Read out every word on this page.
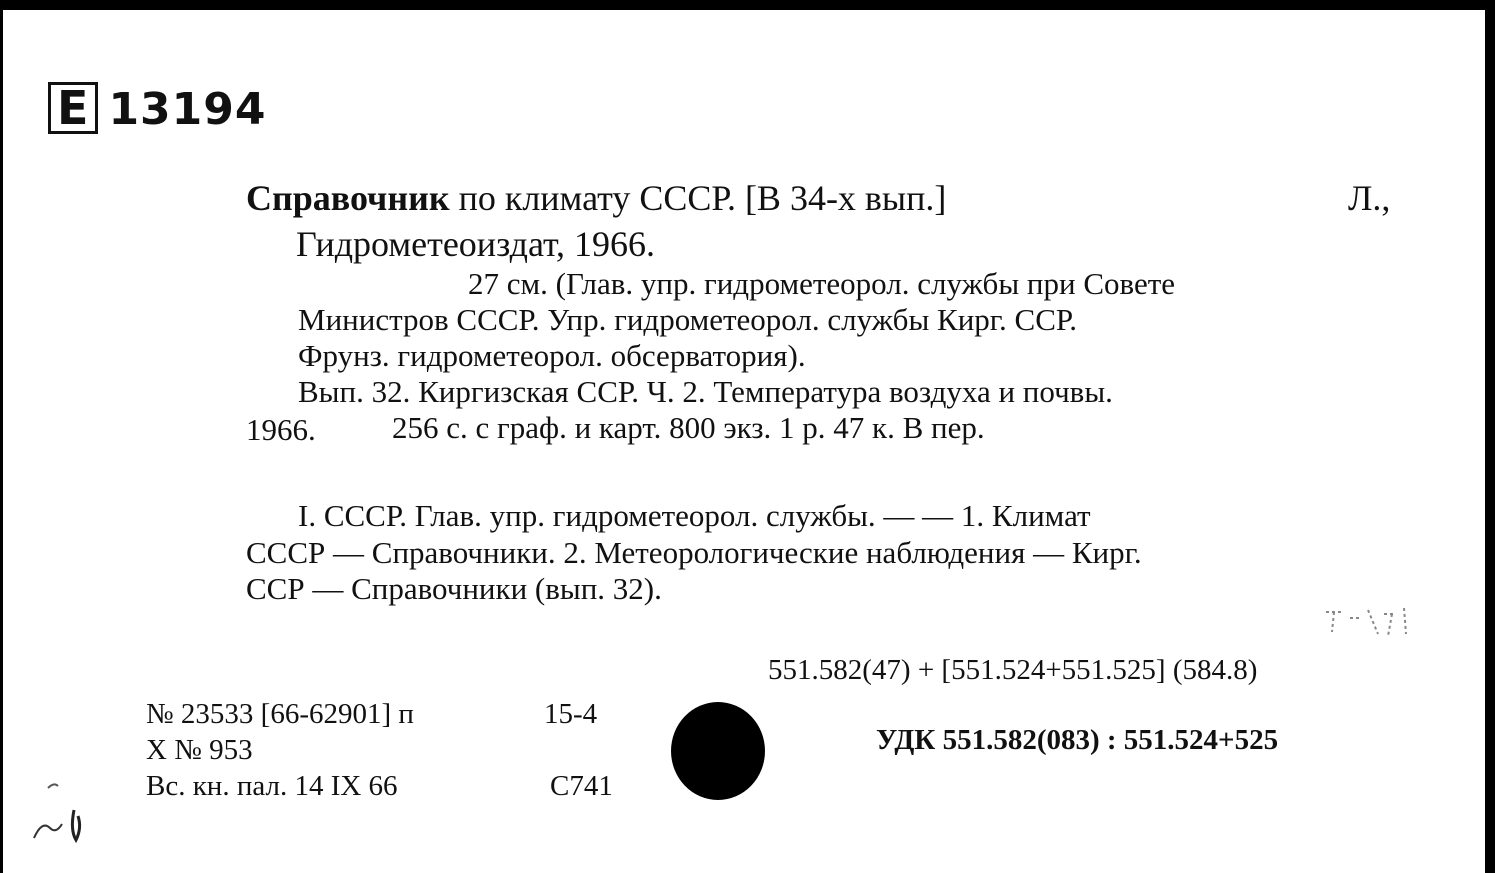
Е 13194
Справочник по климату СССР. [В 34-х вып.]	Л.,
Гидрометеоиздат, 1966.
27 см. (Глав. упр. гидрометеорол. службы при Совете
Министров СССР. Упр. гидрометеорол. службы Кирг. ССР.
Фрунз. гидрометеорол. обсерватория).
Вып. 32. Киргизская ССР. Ч. 2. Температура воздуха и почвы.
1966. 256 с. с граф. и карт. 800 экз. 1 р. 47 к. В пер.
I. СССР. Глав. упр. гидрометеорол. службы. — — 1. Климат
СССР — Справочники. 2. Метеорологические наблюдения — Кирг.
ССР — Справочники (вып. 32).
551.582(47) + [551.524+551.525] (584.8)
УДК 551.582(083) : 551.524+525
№ 23533 [66-62901] п	15-4
Х № 953
Вс. кн. пал. 14 IX 66	С741
